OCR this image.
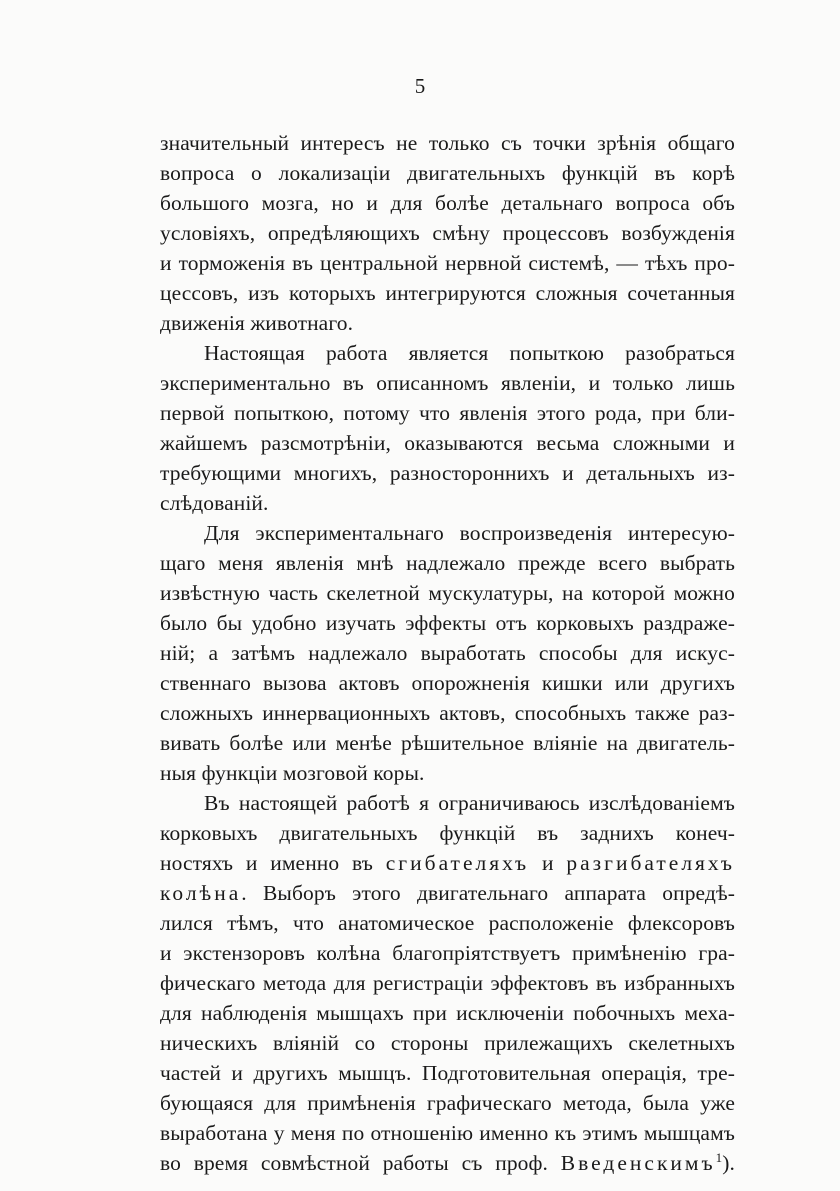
5
значительный интересъ не только съ точки зрѣнія общаго
вопроса о локализаціи двигательныхъ функцій въ корѣ
большого мозга, но и для болѣе детальнаго вопроса объ
условіяхъ, опредѣляющихъ смѣну процессовъ возбужденія
и торможенія въ центральной нервной системѣ, — тѣхъ про-
цессовъ, изъ которыхъ интегрируются сложныя сочетанныя
движенія животнаго.
Настоящая работа является попыткою разобраться
экспериментально въ описанномъ явленіи, и только лишь
первой попыткою, потому что явленія этого рода, при бли-
жайшемъ разсмотрѣніи, оказываются весьма сложными и
требующими многихъ, разностороннихъ и детальныхъ из-
слѣдованій.
Для экспериментальнаго воспроизведенія интересую-
щаго меня явленія мнѣ надлежало прежде всего выбрать
извѣстную часть скелетной мускулатуры, на которой можно
было бы удобно изучать эффекты отъ корковыхъ раздраже-
ній; а затѣмъ надлежало выработать способы для искус-
ственнаго вызова актовъ опорожненія кишки или другихъ
сложныхъ иннервационныхъ актовъ, способныхъ также раз-
вивать болѣе или менѣе рѣшительное вліяніе на двигатель-
ныя функціи мозговой коры.
Въ настоящей работѣ я ограничиваюсь изслѣдованіемъ
корковыхъ двигательныхъ функцій въ заднихъ конеч-
ностяхъ и именно въ сгибателяхъ и разгибателяхъ
колѣна. Выборъ этого двигательнаго аппарата опредѣ-
лился тѣмъ, что анатомическое расположеніе флексоровъ
и экстензоровъ колѣна благопріятствуетъ примѣненію гра-
фическаго метода для регистраціи эффектовъ въ избранныхъ
для наблюденія мышцахъ при исключеніи побочныхъ меха-
ническихъ вліяній со стороны прилежащихъ скелетныхъ
частей и другихъ мышцъ. Подготовительная операція, тре-
бующаяся для примѣненія графическаго метода, была уже
выработана у меня по отношенію именно къ этимъ мышцамъ
во время совмѣстной работы съ проф. Введенскимъ$^1$).
